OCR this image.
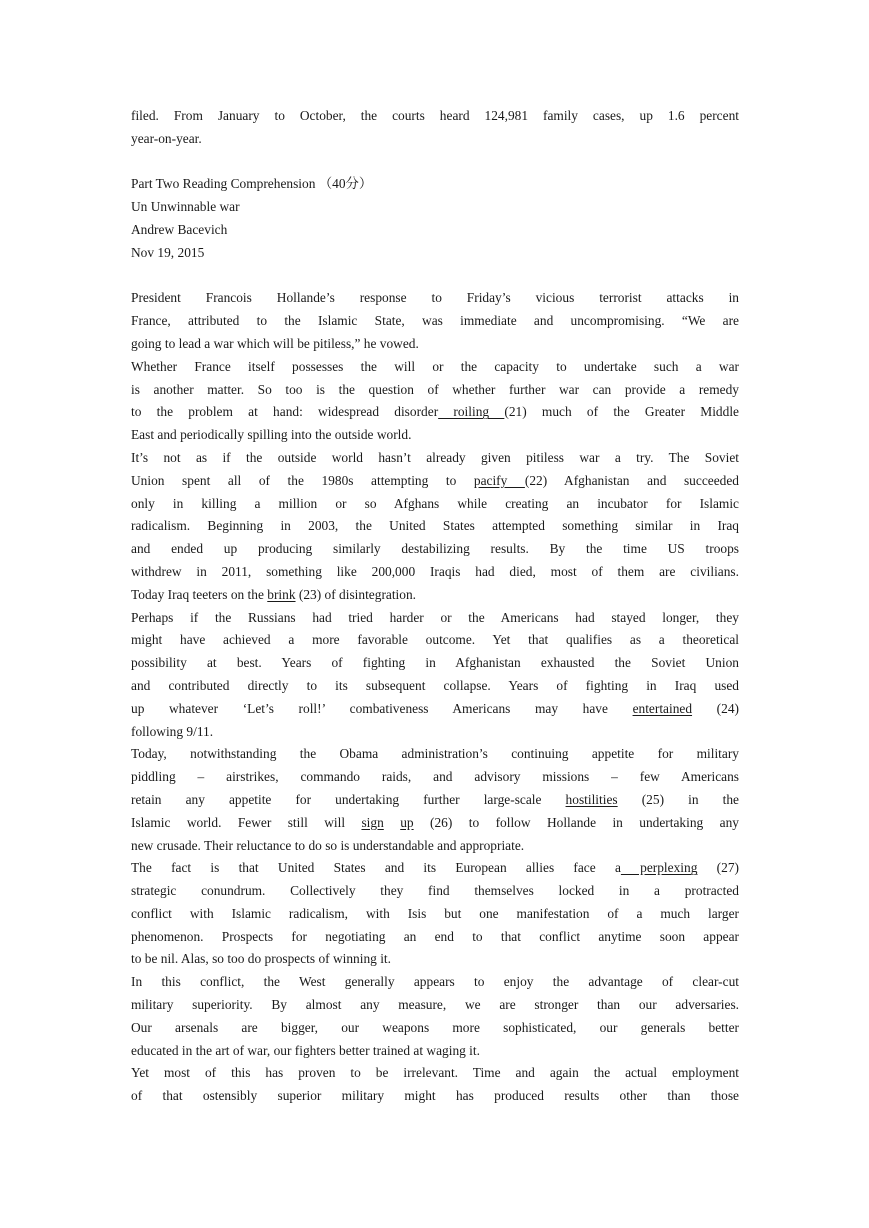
filed. From January to October, the courts heard 124,981 family cases, up 1.6 percent
year-on-year.
Part Two Reading Comprehension （40分）
Un Unwinnable war
Andrew Bacevich
Nov 19, 2015
President Francois Hollande’s response to Friday’s vicious terrorist attacks in
France, attributed to the Islamic State, was immediate and uncompromising. “We are
going to lead a war which will be pitiless,” he vowed.
Whether France itself possesses the will or the capacity to undertake such a war
is another matter. So too is the question of whether further war can provide a remedy
to the problem at hand: widespread disorder roiling (21) much of the Greater Middle
East and periodically spilling into the outside world.
It’s not as if the outside world hasn’t already given pitiless war a try. The Soviet
Union spent all of the 1980s attempting to pacify (22) Afghanistan and succeeded
only in killing a million or so Afghans while creating an incubator for Islamic
radicalism. Beginning in 2003, the United States attempted something similar in Iraq
and ended up producing similarly destabilizing results. By the time US troops
withdrew in 2011, something like 200,000 Iraqis had died, most of them are civilians.
Today Iraq teeters on the brink (23) of disintegration.
Perhaps if the Russians had tried harder or the Americans had stayed longer, they
might have achieved a more favorable outcome. Yet that qualifies as a theoretical
possibility at best. Years of fighting in Afghanistan exhausted the Soviet Union
and contributed directly to its subsequent collapse. Years of fighting in Iraq used
up whatever ‘Let’s roll!’ combativeness Americans may have entertained (24)
following 9/11.
Today, notwithstanding the Obama administration’s continuing appetite for military
piddling – airstrikes, commando raids, and advisory missions – few Americans
retain any appetite for undertaking further large-scale hostilities (25) in the
Islamic world. Fewer still will sign up (26) to follow Hollande in undertaking any
new crusade. Their reluctance to do so is understandable and appropriate.
The fact is that United States and its European allies face a perplexing (27)
strategic conundrum. Collectively they find themselves locked in a protracted
conflict with Islamic radicalism, with Isis but one manifestation of a much larger
phenomenon. Prospects for negotiating an end to that conflict anytime soon appear
to be nil. Alas, so too do prospects of winning it.
In this conflict, the West generally appears to enjoy the advantage of clear-cut
military superiority. By almost any measure, we are stronger than our adversaries.
Our arsenals are bigger, our weapons more sophisticated, our generals better
educated in the art of war, our fighters better trained at waging it.
Yet most of this has proven to be irrelevant. Time and again the actual employment
of that ostensibly superior military might has produced results other than those
